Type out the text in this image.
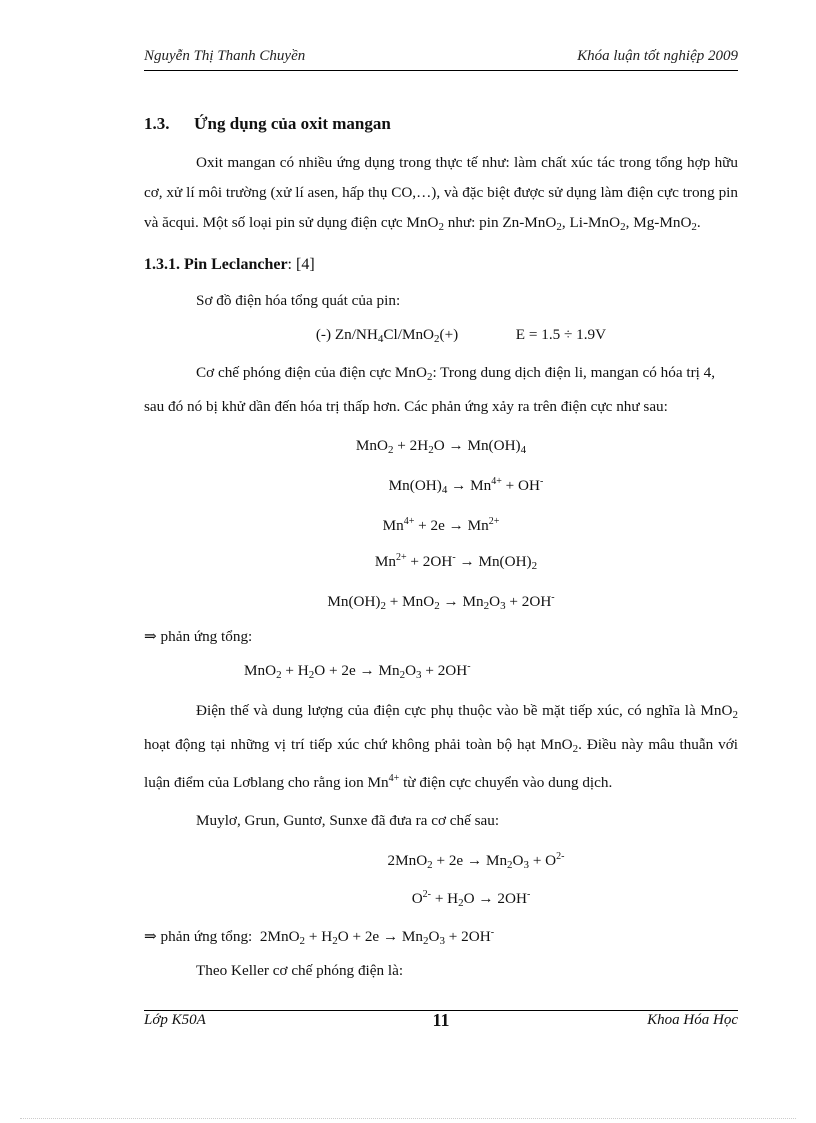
Nguyễn Thị Thanh Chuyền	Khóa luận tốt nghiệp 2009
1.3. Ứng dụng của oxit mangan

Oxit mangan có nhiều ứng dụng trong thực tế như: làm chất xúc tác trong tổng hợp hữu cơ, xử lí môi trường (xử lí asen, hấp thụ CO,…), và đặc biệt được sử dụng làm điện cực trong pin và ăcqui. Một số loại pin sử dụng điện cực MnO$_2$ như: pin Zn-MnO$_2$, Li-MnO$_2$, Mg-MnO$_2$.

1.3.1. Pin Leclancher: [4]

Sơ đồ điện hóa tổng quát của pin:

(-) $Zn/NH_4Cl/MnO_2(+)$	E = 1.5 ÷ 1.9V

Cơ chế phóng điện của điện cực MnO$_2$: Trong dung dịch điện li, mangan có hóa trị 4, sau đó nó bị khử dần đến hóa trị thấp hơn. Các phản ứng xảy ra trên điện cực như sau:

$MnO_2 + 2H_2O \to Mn(OH)_4$
$Mn(OH)_4 \to Mn^{4+} + OH^-$
$Mn^{4+} + 2e \to Mn^{2+}$
$Mn^{2+} + 2OH^- \to Mn(OH)_2$
$Mn(OH)_2 + MnO_2 \to Mn_2O_3 + 2OH^-$

⇒ phản ứng tổng:

$MnO_2 + H_2O + 2e \to Mn_2O_3 + 2OH^-$

Điện thế và dung lượng của điện cực phụ thuộc vào bề mặt tiếp xúc, có nghĩa là MnO$_2$ hoạt động tại những vị trí tiếp xúc chứ không phải toàn bộ hạt MnO$_2$. Điều này mâu thuẫn với luận điểm của Lơblang cho rằng ion $Mn^{4+}$ từ điện cực chuyển vào dung dịch.

Muylơ, Grun, Guntơ, Sunxe đã đưa ra cơ chế sau:

$2MnO_2 + 2e \to Mn_2O_3 + O^{2-}$
$O^{2-} + H_2O \to 2OH^-$

⇒ phản ứng tổng: $2MnO_2 + H_2O + 2e \to Mn_2O_3 + 2OH^-$

Theo Keller cơ chế phóng điện là:

Lớp K50A	11	Khoa Hóa Học
